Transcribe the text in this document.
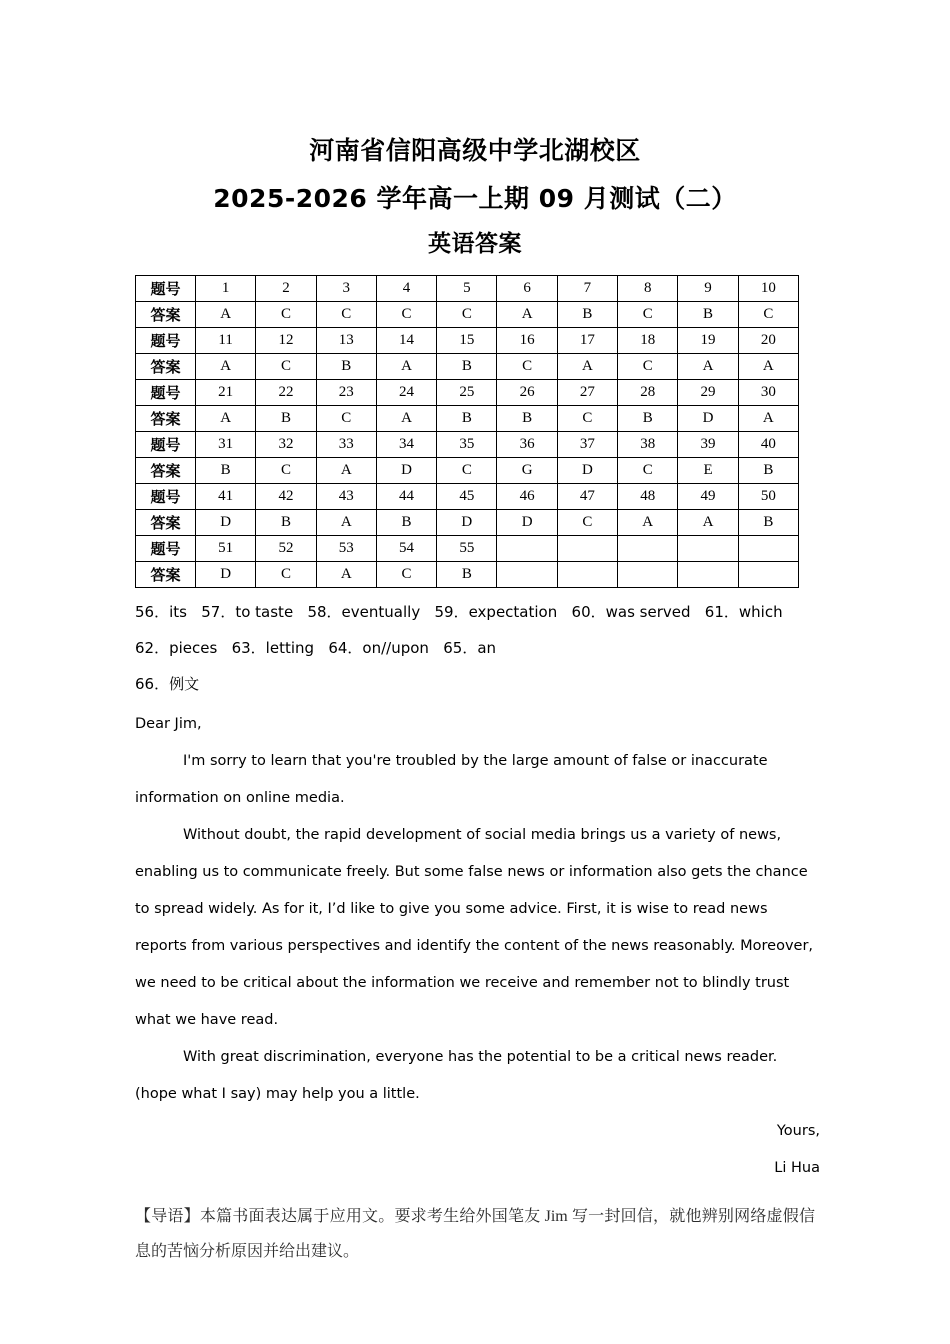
河南省信阳高级中学北湖校区
2025-2026 学年高一上期 09 月测试（二）
英语答案
题号	1	2	3	4	5	6	7	8	9	10
答案	A	C	C	C	C	A	B	C	B	C
题号	11	12	13	14	15	16	17	18	19	20
答案	A	C	B	A	B	C	A	C	A	A
题号	21	22	23	24	25	26	27	28	29	30
答案	A	B	C	A	B	B	C	B	D	A
题号	31	32	33	34	35	36	37	38	39	40
答案	B	C	A	D	C	G	D	C	E	B
题号	41	42	43	44	45	46	47	48	49	50
答案	D	B	A	B	D	D	C	A	A	B
题号	51	52	53	54	55					
答案	D	C	A	C	B					
56．its   57．to taste   58．eventually   59．expectation   60．was served   61．which
62．pieces   63．letting   64．on//upon   65．an
66．例文

Dear Jim,

I'm sorry to learn that you're troubled by the large amount of false or inaccurate information on online media.

Without doubt, the rapid development of social media brings us a variety of news, enabling us to communicate freely. But some false news or information also gets the chance to spread widely. As for it, I’d like to give you some advice. First, it is wise to read news reports from various perspectives and identify the content of the news reasonably. Moreover, we need to be critical about the information we receive and remember not to blindly trust what we have read.

With great discrimination, everyone has the potential to be a critical news reader. (hope what I say) may help you a little.

Yours,
Li Hua

【导语】本篇书面表达属于应用文。要求考生给外国笔友 Jim 写一封回信，就他辨别网络虚假信息的苦恼分析原因并给出建议。
